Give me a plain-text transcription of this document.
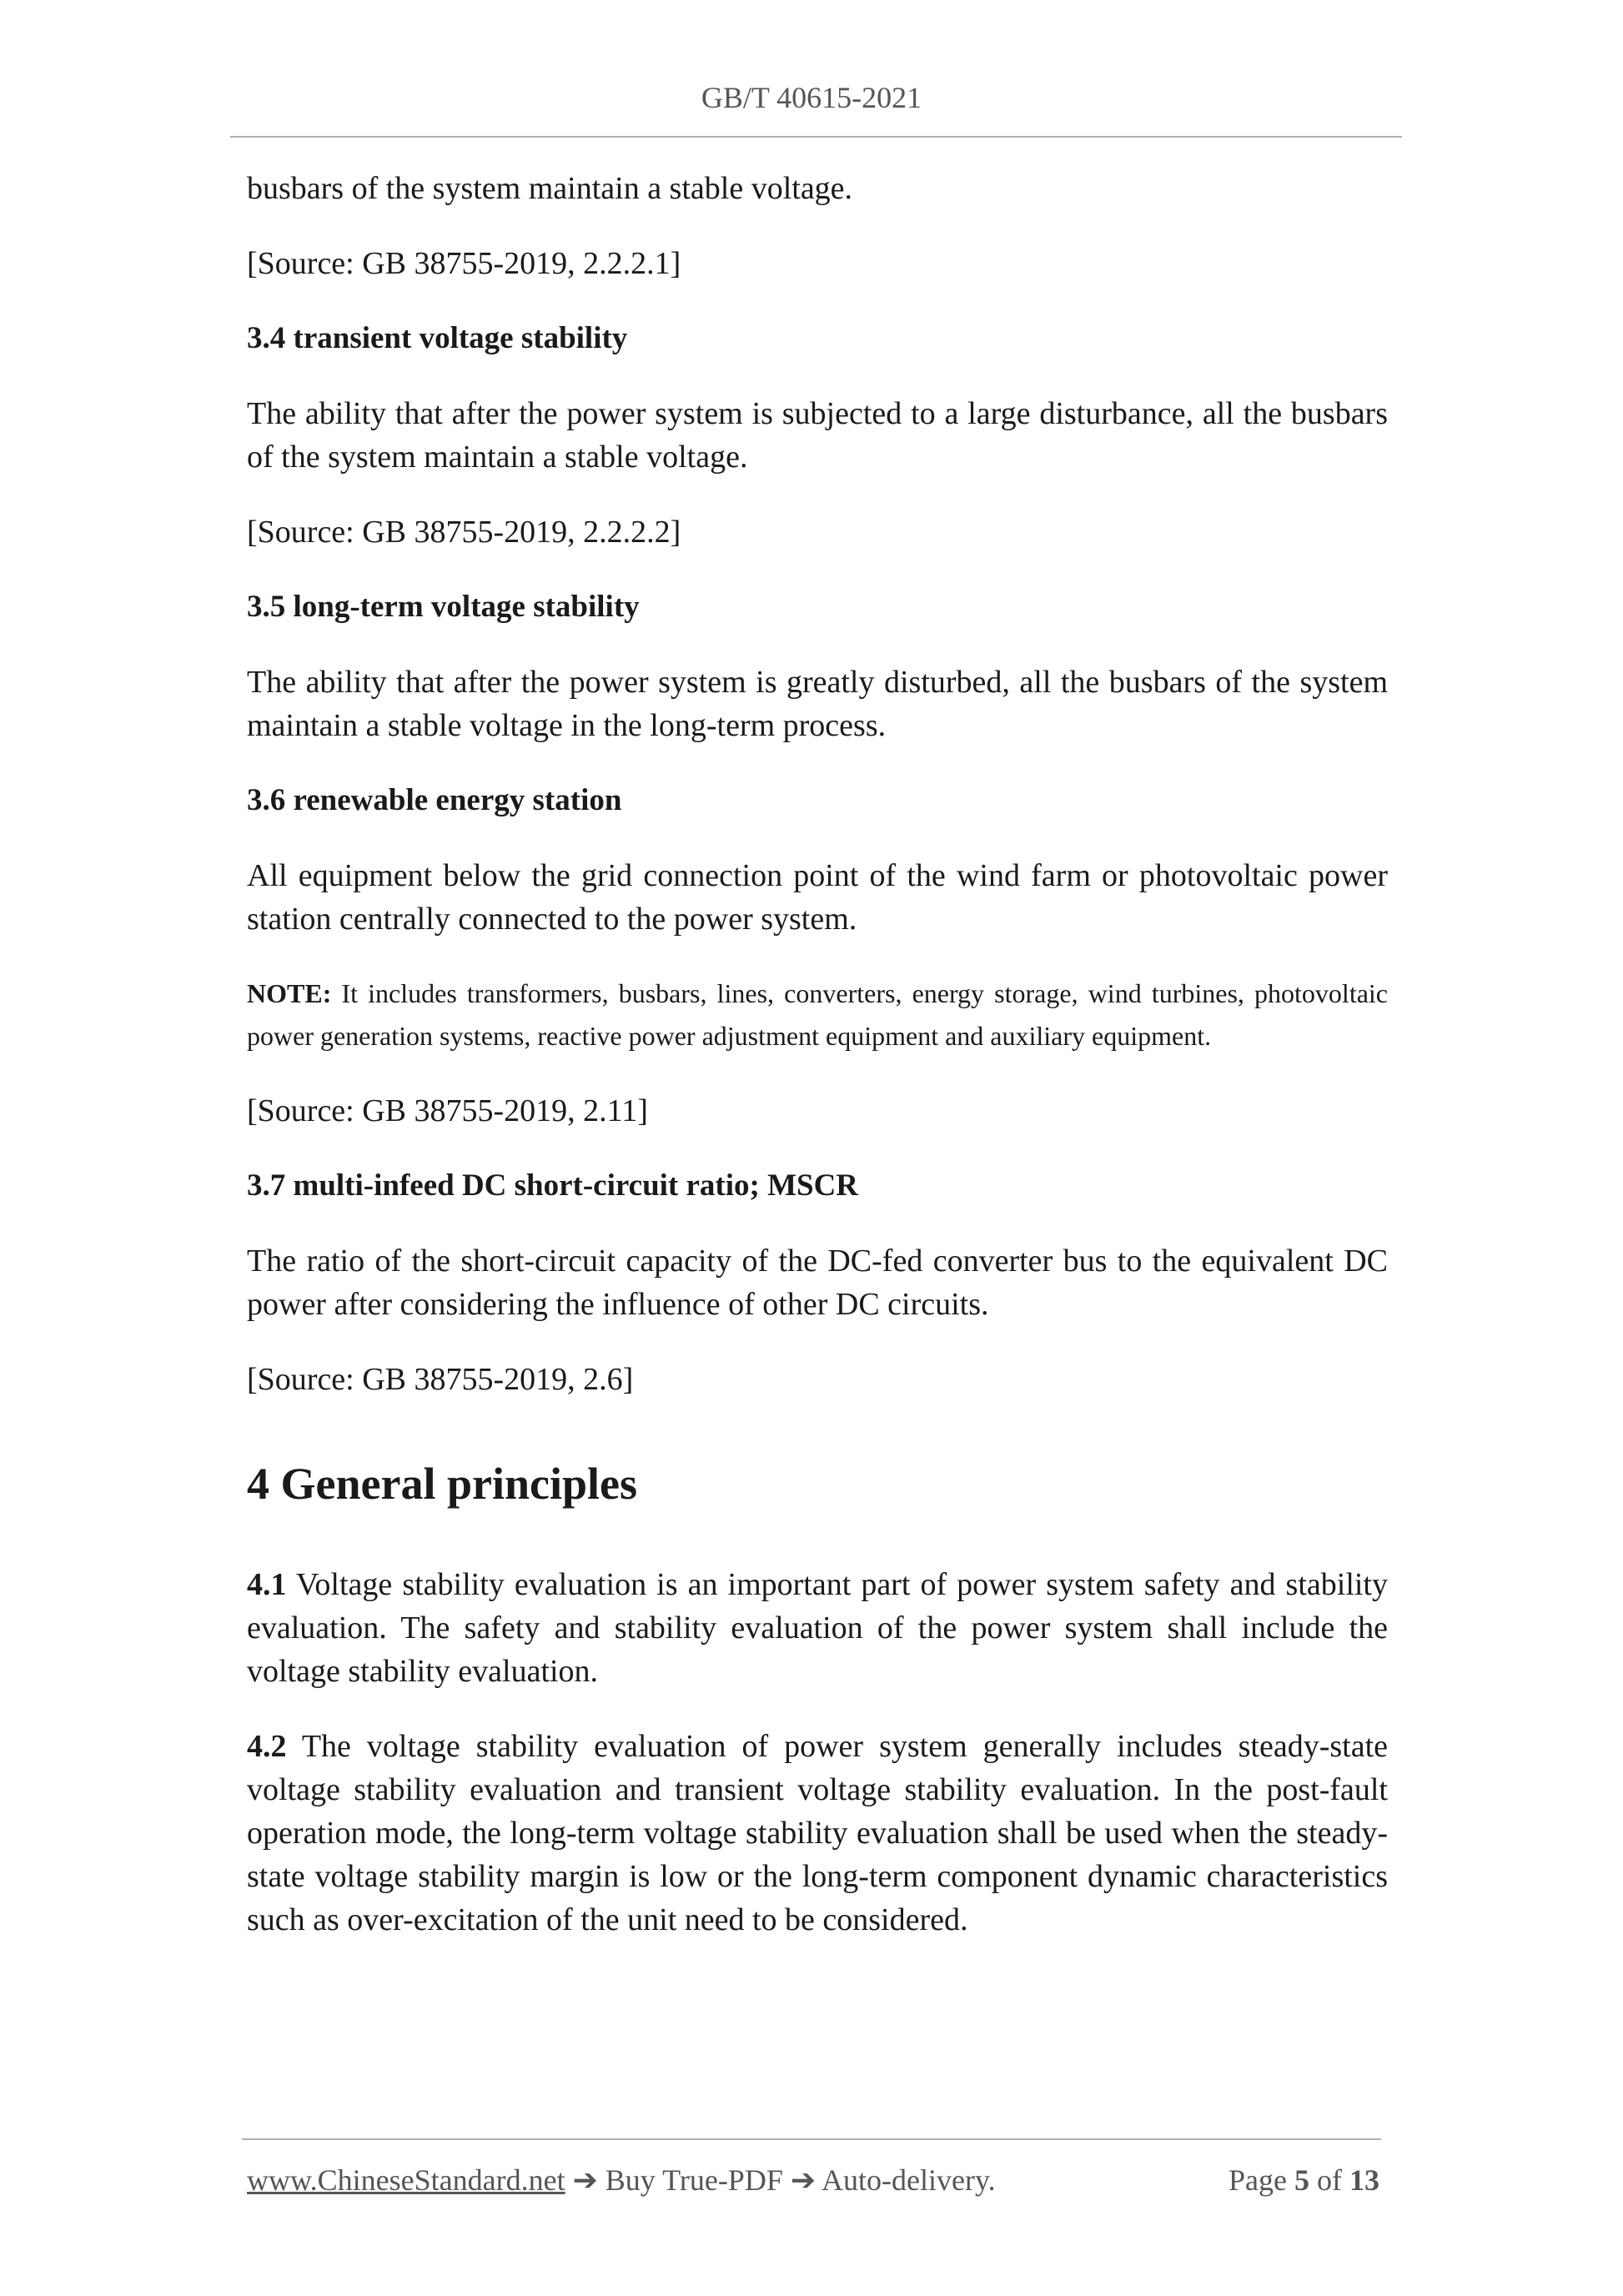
GB/T 40615-2021

busbars of the system maintain a stable voltage.

[Source: GB 38755-2019, 2.2.2.1]

3.4 transient voltage stability

The ability that after the power system is subjected to a large disturbance, all the busbars of the system maintain a stable voltage.

[Source: GB 38755-2019, 2.2.2.2]

3.5 long-term voltage stability

The ability that after the power system is greatly disturbed, all the busbars of the system maintain a stable voltage in the long-term process.

3.6 renewable energy station

All equipment below the grid connection point of the wind farm or photovoltaic power station centrally connected to the power system.

NOTE: It includes transformers, busbars, lines, converters, energy storage, wind turbines, photovoltaic power generation systems, reactive power adjustment equipment and auxiliary equipment.

[Source: GB 38755-2019, 2.11]

3.7 multi-infeed DC short-circuit ratio; MSCR

The ratio of the short-circuit capacity of the DC-fed converter bus to the equivalent DC power after considering the influence of other DC circuits.

[Source: GB 38755-2019, 2.6]

4 General principles

4.1 Voltage stability evaluation is an important part of power system safety and stability evaluation. The safety and stability evaluation of the power system shall include the voltage stability evaluation.

4.2 The voltage stability evaluation of power system generally includes steady-state voltage stability evaluation and transient voltage stability evaluation. In the post-fault operation mode, the long-term voltage stability evaluation shall be used when the steady-state voltage stability margin is low or the long-term component dynamic characteristics such as over-excitation of the unit need to be considered.

www.ChineseStandard.net ➔ Buy True-PDF ➔ Auto-delivery.	Page 5 of 13
